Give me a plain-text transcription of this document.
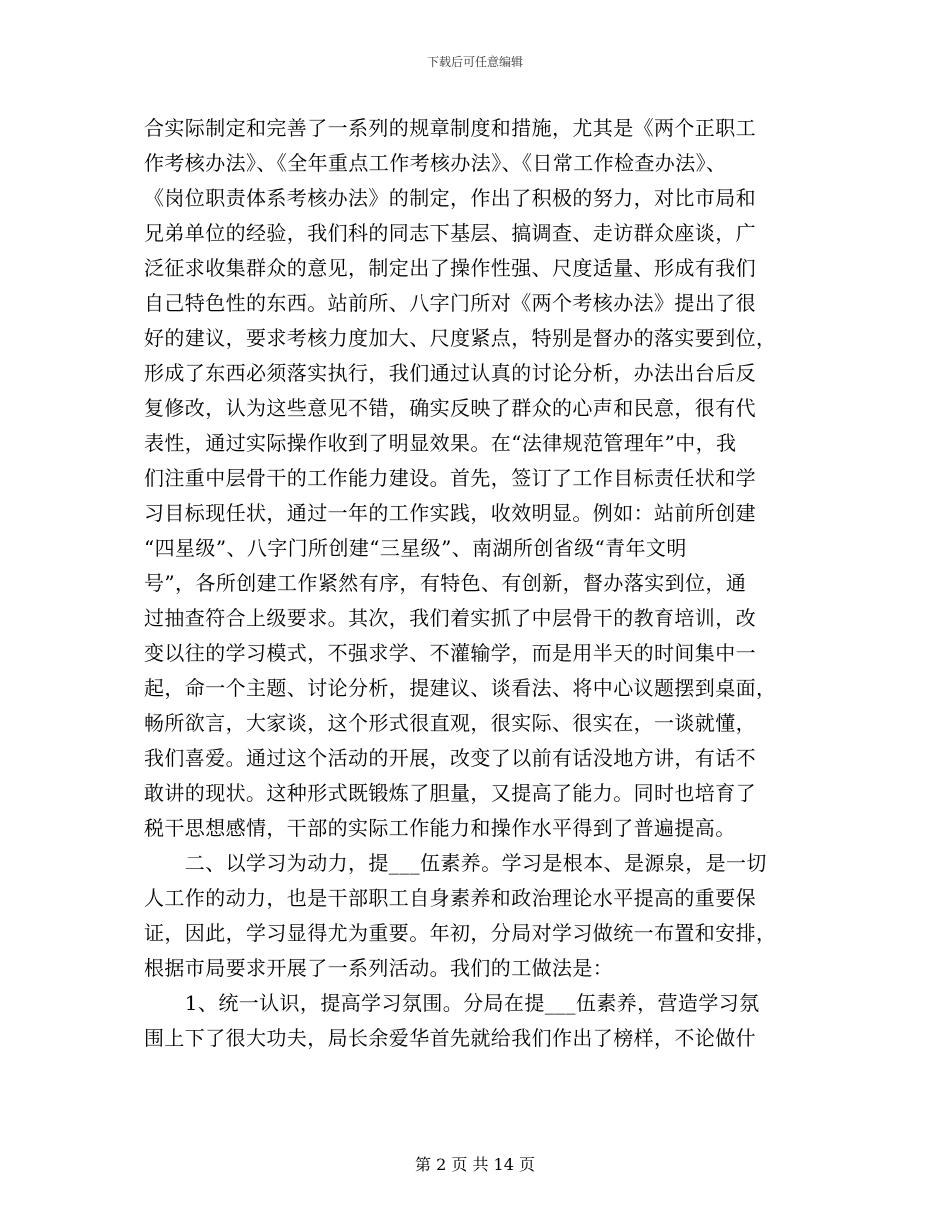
下载后可任意编辑
合实际制定和完善了一系列的规章制度和措施，尤其是《两个正职工
作考核办法》、《全年重点工作考核办法》、《日常工作检查办法》、
《岗位职责体系考核办法》的制定，作出了积极的努力，对比市局和
兄弟单位的经验，我们科的同志下基层、搞调查、走访群众座谈，广
泛征求收集群众的意见，制定出了操作性强、尺度适量、形成有我们
自己特色性的东西。站前所、八字门所对《两个考核办法》提出了很
好的建议，要求考核力度加大、尺度紧点，特别是督办的落实要到位，
形成了东西必须落实执行，我们通过认真的讨论分析，办法出台后反
复修改，认为这些意见不错，确实反映了群众的心声和民意，很有代
表性，通过实际操作收到了明显效果。在“法律规范管理年”中，我
们注重中层骨干的工作能力建设。首先，签订了工作目标责任状和学
习目标现任状，通过一年的工作实践，收效明显。例如：站前所创建
“四星级”、八字门所创建“三星级”、南湖所创省级“青年文明
号”，各所创建工作紧然有序，有特色、有创新，督办落实到位，通
过抽查符合上级要求。其次，我们着实抓了中层骨干的教育培训，改
变以往的学习模式，不强求学、不灌输学，而是用半天的时间集中一
起，命一个主题、讨论分析，提建议、谈看法、将中心议题摆到桌面，
畅所欲言，大家谈，这个形式很直观，很实际、很实在，一谈就懂，
我们喜爱。通过这个活动的开展，改变了以前有话没地方讲，有话不
敢讲的现状。这种形式既锻炼了胆量，又提高了能力。同时也培育了
税干思想感情，干部的实际工作能力和操作水平得到了普遍提高。
　　二、以学习为动力，提___伍素养。学习是根本、是源泉，是一切
人工作的动力，也是干部职工自身素养和政治理论水平提高的重要保
证，因此，学习显得尤为重要。年初，分局对学习做统一布置和安排，
根据市局要求开展了一系列活动。我们的工做法是：
　　1、统一认识，提高学习氛围。分局在提___伍素养，营造学习氛
围上下了很大功夫，局长余爱华首先就给我们作出了榜样，不论做什
第 2 页 共 14 页
